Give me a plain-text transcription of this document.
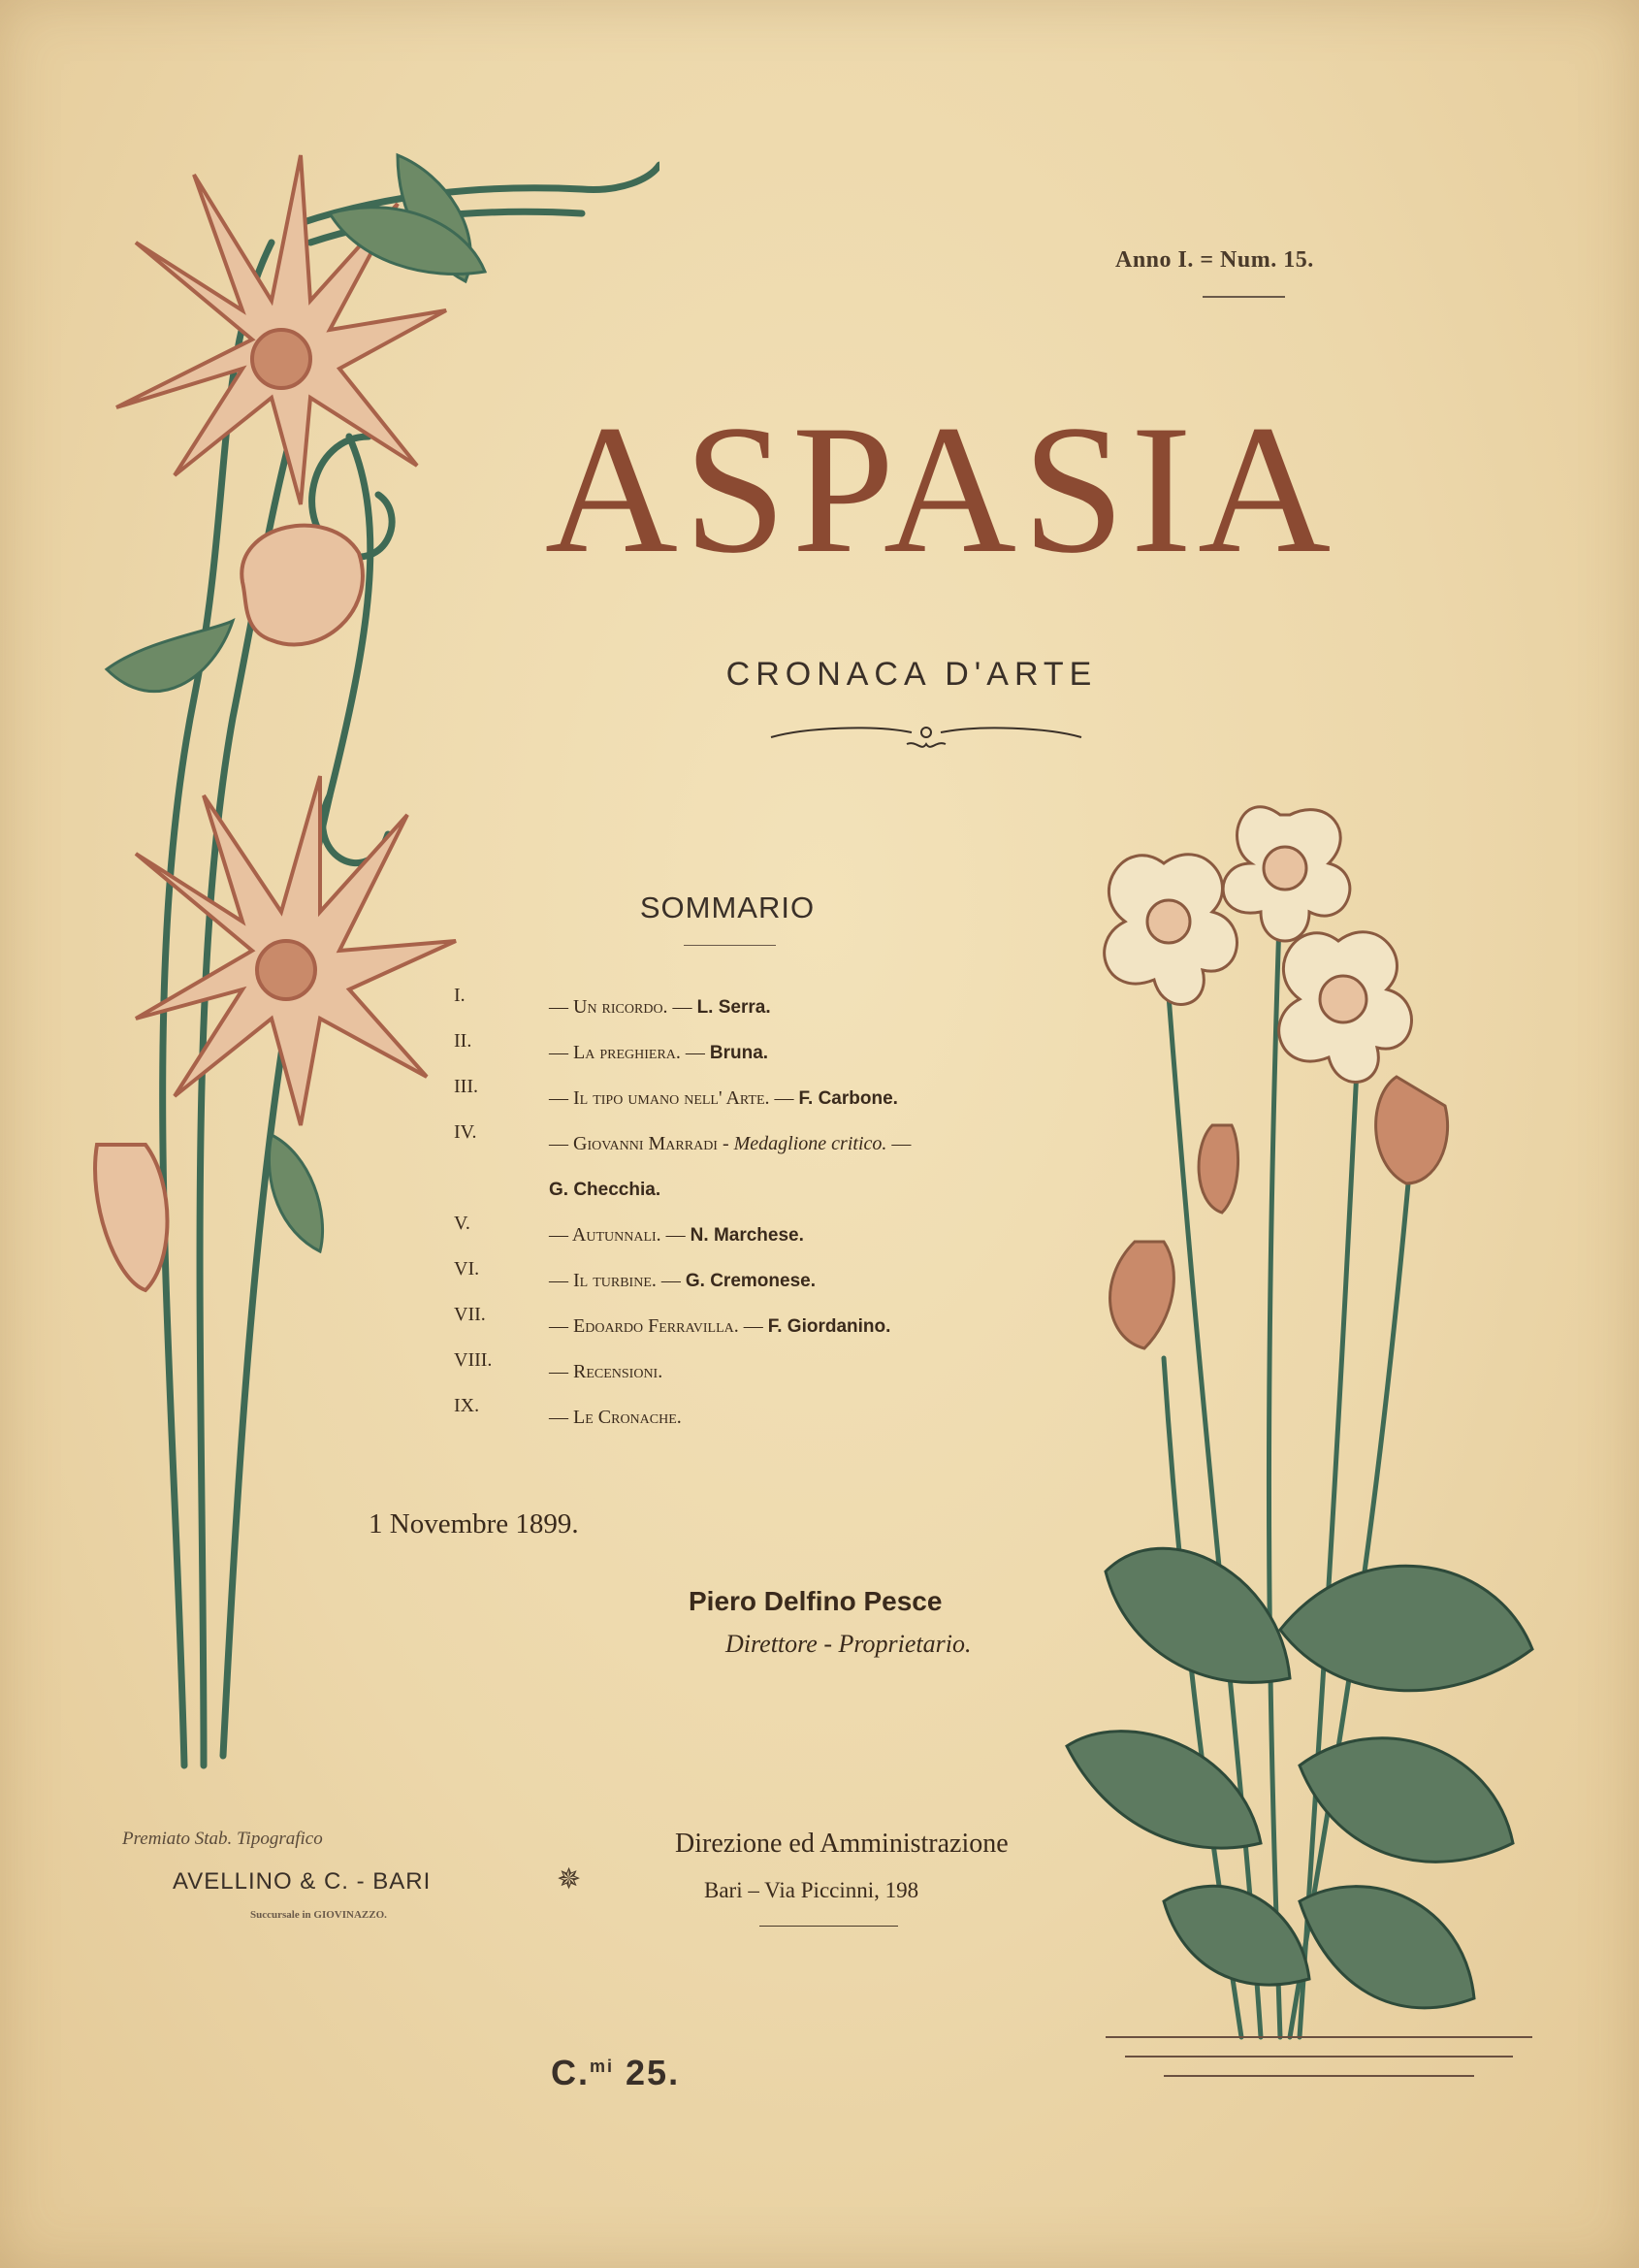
Anno I. = Num. 15.
ASPASIA
CRONACA D'ARTE
SOMMARIO
I.
— Un ricordo. — L. Serra.
II.
— La preghiera. — Bruna.
III.
— Il tipo umano nell' Arte. — F. Carbone.
IV.
— Giovanni Marradi - Medaglione critico. —
G. Checchia.
V.
— Autunnali. — N. Marchese.
VI.
— Il turbine. — G. Cremonese.
VII.
— Edoardo Ferravilla. — F. Giordanino.
VIII.
— Recensioni.
IX.
— Le Cronache.
1 Novembre 1899.
Piero Delfino Pesce
Direttore - Proprietario.
Premiato Stab. Tipografico
AVELLINO & C. - BARI
Succursale in GIOVINAZZO.
✵
Direzione ed Amministrazione
Bari – Via Piccinni, 198
C.$^{mi}$ 25.
